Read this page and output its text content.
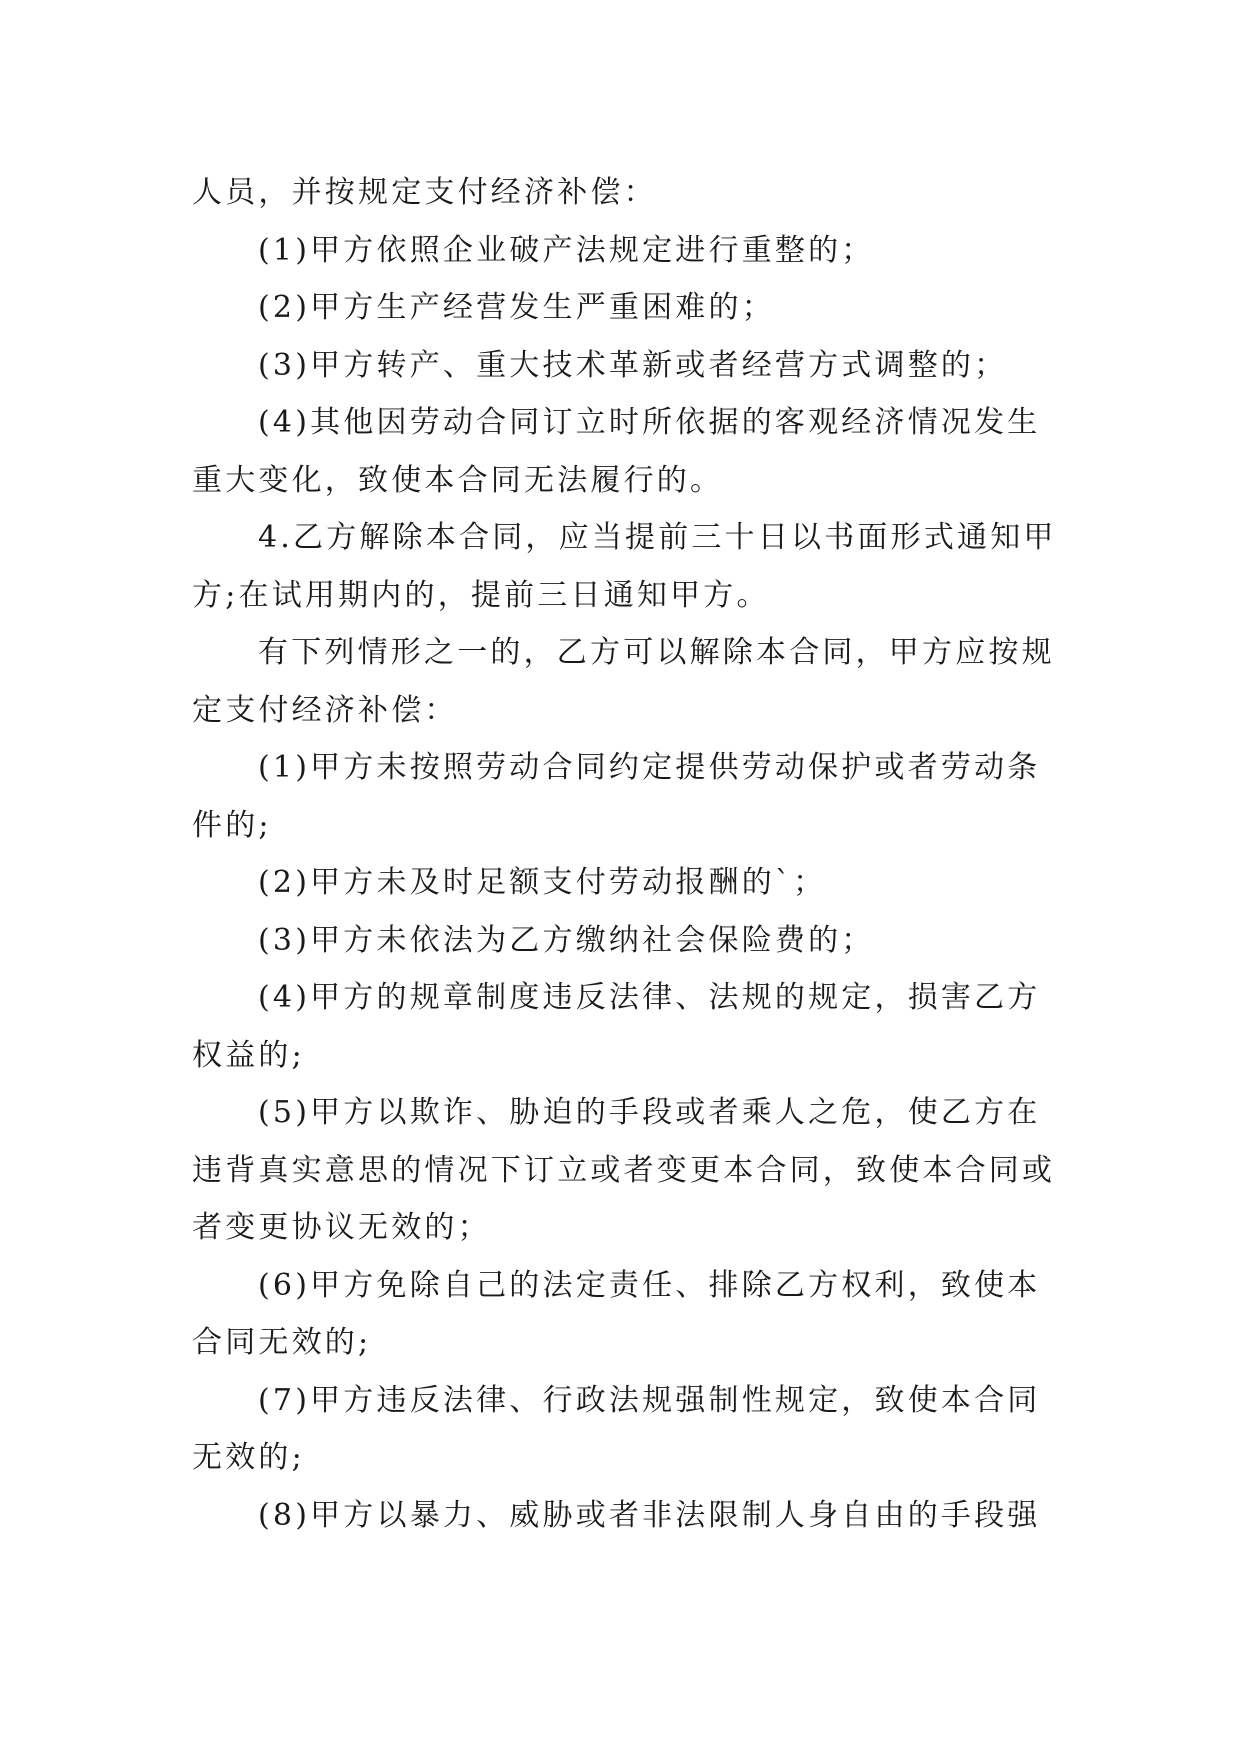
人员，并按规定支付经济补偿：
(1)甲方依照企业破产法规定进行重整的；
(2)甲方生产经营发生严重困难的；
(3)甲方转产、重大技术革新或者经营方式调整的；
(4)其他因劳动合同订立时所依据的客观经济情况发生
重大变化，致使本合同无法履行的。
4.乙方解除本合同，应当提前三十日以书面形式通知甲
方;在试用期内的，提前三日通知甲方。
有下列情形之一的，乙方可以解除本合同，甲方应按规
定支付经济补偿：
(1)甲方未按照劳动合同约定提供劳动保护或者劳动条
件的;
(2)甲方未及时足额支付劳动报酬的`；
(3)甲方未依法为乙方缴纳社会保险费的；
(4)甲方的规章制度违反法律、法规的规定，损害乙方
权益的;
(5)甲方以欺诈、胁迫的手段或者乘人之危，使乙方在
违背真实意思的情况下订立或者变更本合同，致使本合同或
者变更协议无效的；
(6)甲方免除自己的法定责任、排除乙方权利，致使本
合同无效的;
(7)甲方违反法律、行政法规强制性规定，致使本合同
无效的;
(8)甲方以暴力、威胁或者非法限制人身自由的手段强
